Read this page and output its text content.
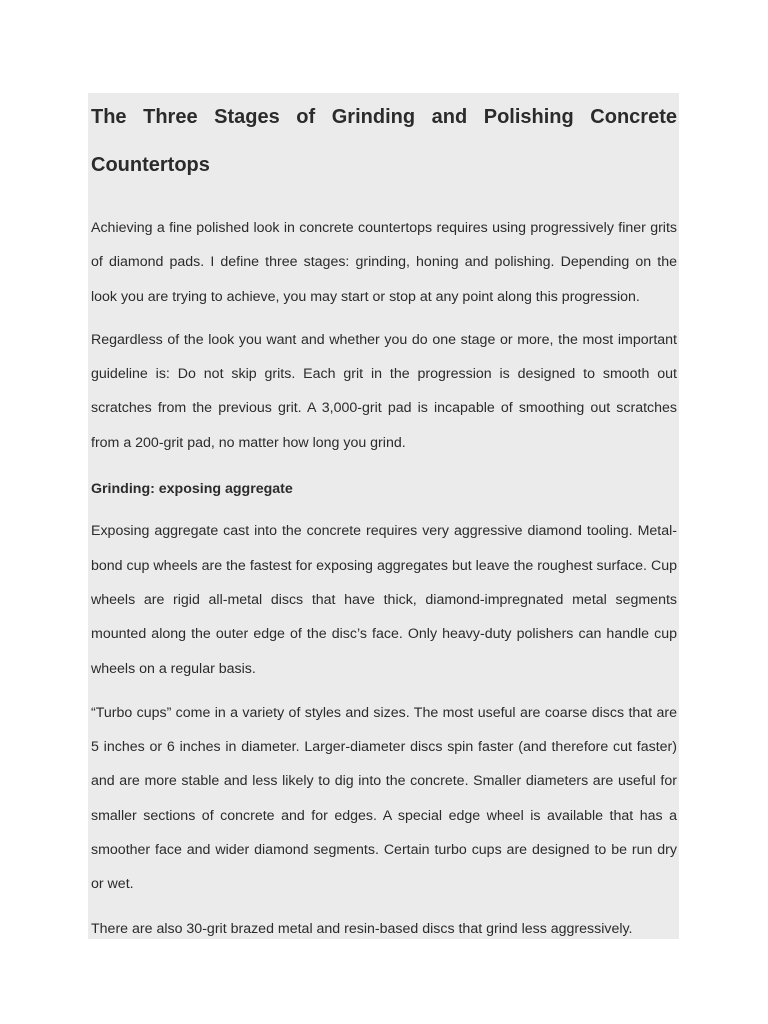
The Three Stages of Grinding and Polishing Concrete Countertops

Achieving a fine polished look in concrete countertops requires using progressively finer grits of diamond pads. I define three stages: grinding, honing and polishing. Depending on the look you are trying to achieve, you may start or stop at any point along this progression.

Regardless of the look you want and whether you do one stage or more, the most important guideline is: Do not skip grits. Each grit in the progression is designed to smooth out scratches from the previous grit. A 3,000-grit pad is incapable of smoothing out scratches from a 200-grit pad, no matter how long you grind.

Grinding: exposing aggregate

Exposing aggregate cast into the concrete requires very aggressive diamond tooling. Metal-bond cup wheels are the fastest for exposing aggregates but leave the roughest surface. Cup wheels are rigid all-metal discs that have thick, diamond-impregnated metal segments mounted along the outer edge of the disc’s face. Only heavy-duty polishers can handle cup wheels on a regular basis.

“Turbo cups” come in a variety of styles and sizes. The most useful are coarse discs that are 5 inches or 6 inches in diameter. Larger-diameter discs spin faster (and therefore cut faster) and are more stable and less likely to dig into the concrete. Smaller diameters are useful for smaller sections of concrete and for edges. A special edge wheel is available that has a smoother face and wider diamond segments. Certain turbo cups are designed to be run dry or wet.

There are also 30-grit brazed metal and resin-based discs that grind less aggressively.
